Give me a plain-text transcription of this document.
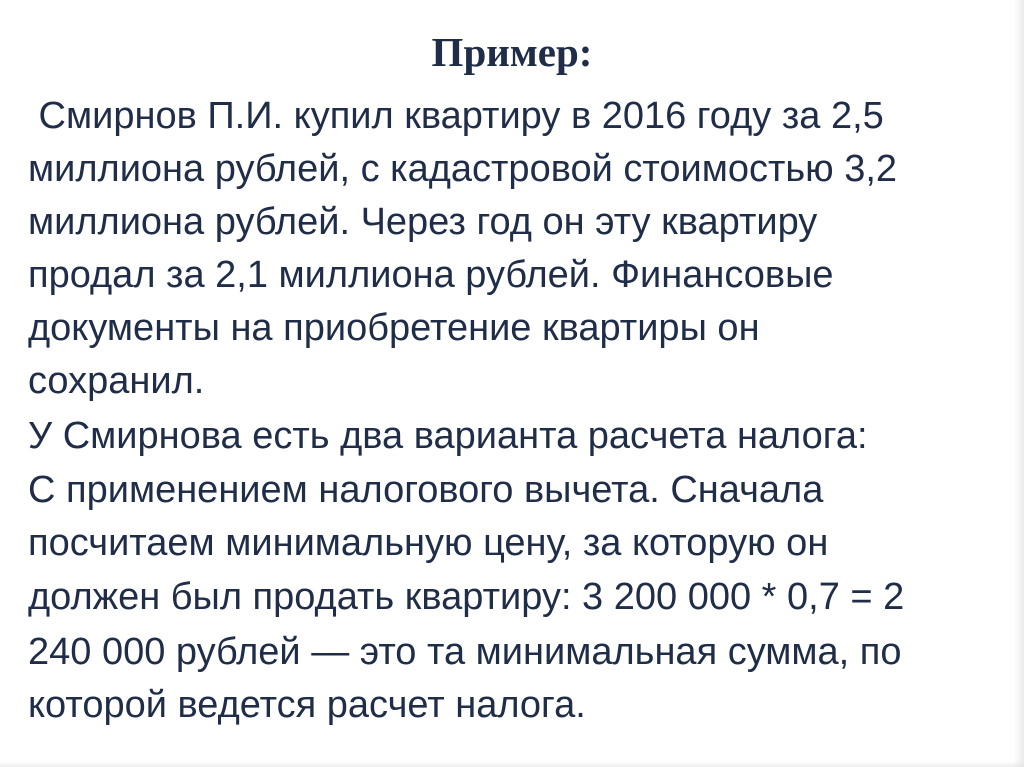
Пример:

Смирнов П.И. купил квартиру в 2016 году за 2,5

миллиона рублей, с кадастровой стоимостью 3,2

миллиона рублей. Через год он эту квартиру

продал за 2,1 миллиона рублей. Финансовые

документы на приобретение квартиры он

сохранил.

У Смирнова есть два варианта расчета налога:

С применением налогового вычета. Сначала

посчитаем минимальную цену, за которую он

должен был продать квартиру: 3 200 000 * 0,7 = 2

240 000 рублей — это та минимальная сумма, по

которой ведется расчет налога.
